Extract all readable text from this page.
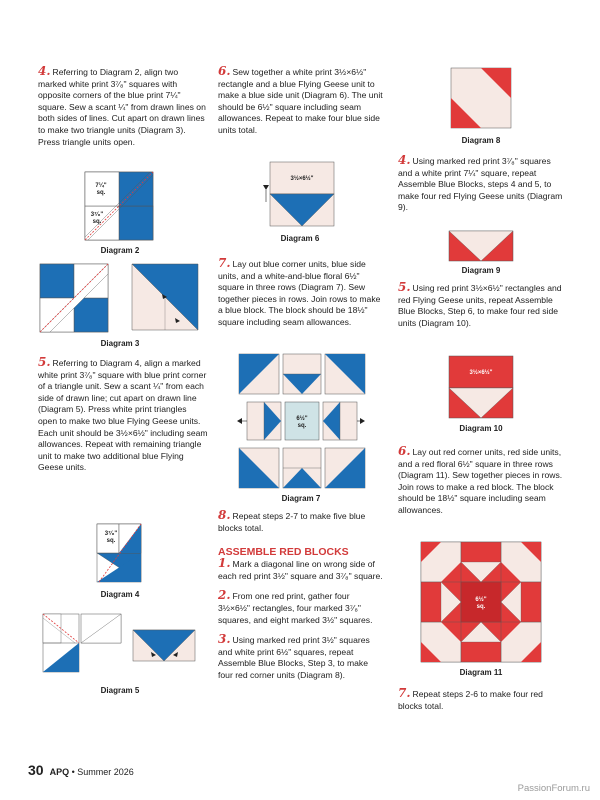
4. Referring to Diagram 2, align two marked white print 3⁷⁄₈" squares with opposite corners of the blue print 7¼" square. Sew a scant ¼" from drawn lines on both sides of lines. Cut apart on drawn lines to make two triangle units (Diagram 3). Press triangle units open.

7¼"
sq.
3⁷⁄₈"
sq.
Diagram 2
Diagram 3

5. Referring to Diagram 4, align a marked white print 3⁷⁄₈" square with blue print corner of a triangle unit. Sew a scant ¼" from each side of drawn line; cut apart on drawn line (Diagram 5). Press white print triangles open to make two blue Flying Geese units. Each unit should be 3½×6½" including seam allowances. Repeat with remaining triangle unit to make two additional blue Flying Geese units.

3⁷⁄₈"
sq.
Diagram 4
Diagram 5

6. Sew together a white print 3½×6½" rectangle and a blue Flying Geese unit to make a blue side unit (Diagram 6). The unit should be 6½" square including seam allowances. Repeat to make four blue side units total.

3½×6½"
Diagram 6

7. Lay out blue corner units, blue side units, and a white-and-blue floral 6½" square in three rows (Diagram 7). Sew together pieces in rows. Join rows to make a blue block. The block should be 18½" square including seam allowances.

6½"
sq.
Diagram 7

8. Repeat steps 2-7 to make five blue blocks total.

ASSEMBLE RED BLOCKS

1. Mark a diagonal line on wrong side of each red print 3½" square and 3⁷⁄₈" square.

2. From one red print, gather four 3½×6½" rectangles, four marked 3⁷⁄₈" squares, and eight marked 3½" squares.

3. Using marked red print 3½" squares and white print 6½" squares, repeat Assemble Blue Blocks, Step 3, to make four red corner units (Diagram 8).

Diagram 8

4. Using marked red print 3⁷⁄₈" squares and a white print 7¼" square, repeat Assemble Blue Blocks, steps 4 and 5, to make four red Flying Geese units (Diagram 9).

Diagram 9

5. Using red print 3½×6½" rectangles and red Flying Geese units, repeat Assemble Blue Blocks, Step 6, to make four red side units (Diagram 10).

3½×6½"
Diagram 10

6. Lay out red corner units, red side units, and a red floral 6½" square in three rows (Diagram 11). Sew together pieces in rows. Join rows to make a red block. The block should be 18½" square including seam allowances.

6½"
sq.
Diagram 11

7. Repeat steps 2-6 to make four red blocks total.

30 APQ • Summer 2026
PassionForum.ru
